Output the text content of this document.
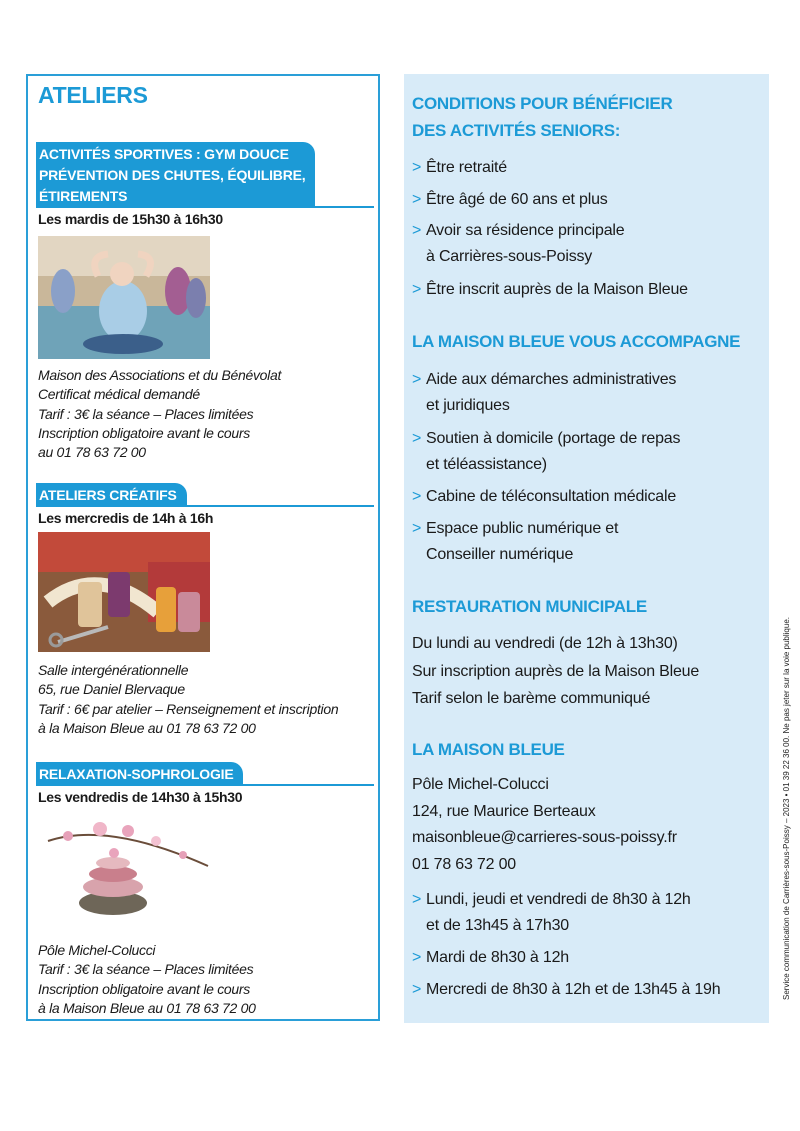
ATELIERS
ACTIVITÉS SPORTIVES : GYM DOUCE
PRÉVENTION DES CHUTES, ÉQUILIBRE,
ÉTIREMENTS
Les mardis de 15h30 à 16h30
Maison des Associations et du Bénévolat
Certificat médical demandé
Tarif : 3€ la séance – Places limitées
Inscription obligatoire avant le cours
au 01 78 63 72 00
ATELIERS CRÉATIFS
Les mercredis de 14h à 16h
Salle intergénérationnelle
65, rue Daniel Blervaque
Tarif : 6€ par atelier – Renseignement et inscription
à la Maison Bleue au 01 78 63 72 00
RELAXATION-SOPHROLOGIE
Les vendredis de 14h30 à 15h30
Pôle Michel-Colucci
Tarif : 3€ la séance – Places limitées
Inscription obligatoire avant le cours
à la Maison Bleue au 01 78 63 72 00
CONDITIONS POUR BÉNÉFICIER
DES ACTIVITÉS SENIORS:
> Être retraité
> Être âgé de 60 ans et plus
> Avoir sa résidence principale
à Carrières-sous-Poissy
> Être inscrit auprès de la Maison Bleue
LA MAISON BLEUE VOUS ACCOMPAGNE
> Aide aux démarches administratives
et juridiques
> Soutien à domicile (portage de repas
et téléassistance)
> Cabine de téléconsultation médicale
> Espace public numérique et
Conseiller numérique
RESTAURATION MUNICIPALE
Du lundi au vendredi (de 12h à 13h30)
Sur inscription auprès de la Maison Bleue
Tarif selon le barème communiqué
LA MAISON BLEUE
Pôle Michel-Colucci
124, rue Maurice Berteaux
maisonbleue@carrieres-sous-poissy.fr
01 78 63 72 00
> Lundi, jeudi et vendredi de 8h30 à 12h
et de 13h45 à 17h30
> Mardi de 8h30 à 12h
> Mercredi de 8h30 à 12h et de 13h45 à 19h	Service communication de Carrières-sous-Poissy – 2023 • 01 39 22 36 00. Ne pas jeter sur la voie publique.
